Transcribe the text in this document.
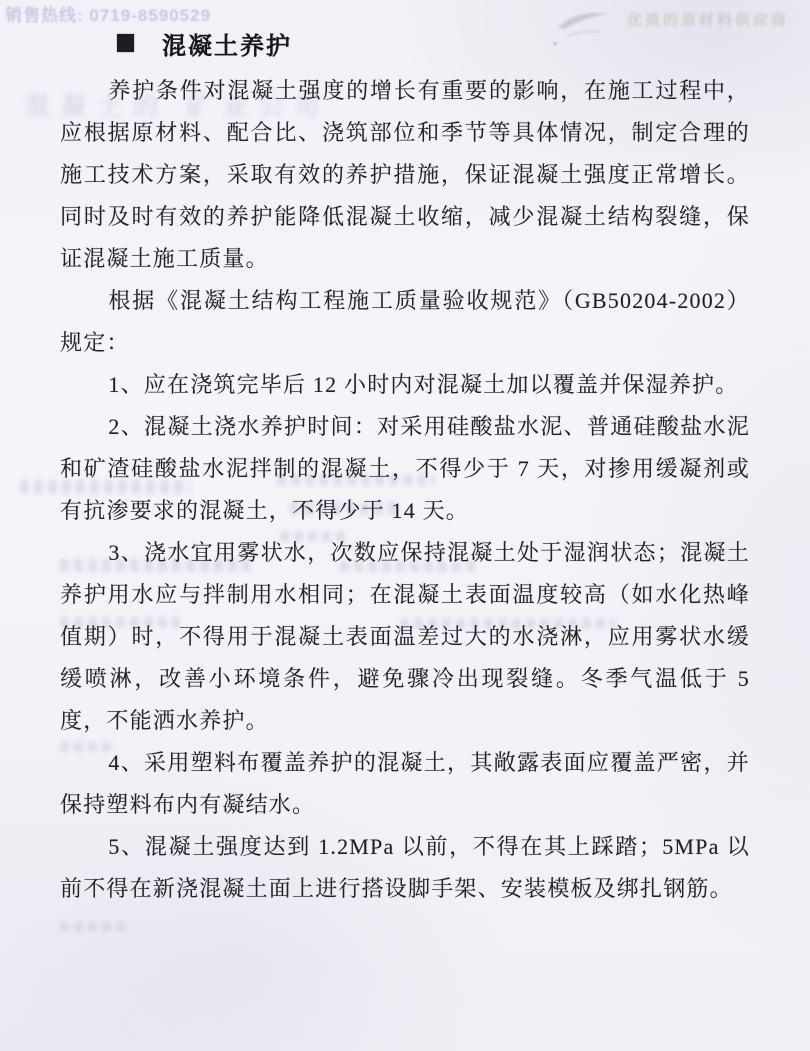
销售热线: 0719-8590529	优质的原材料供应商
混凝土的 矿业公司
混凝土养护

养护条件对混凝土强度的增长有重要的影响，在施工过程中，应根据原材料、配合比、浇筑部位和季节等具体情况，制定合理的施工技术方案，采取有效的养护措施，保证混凝土强度正常增长。同时及时有效的养护能降低混凝土收缩，减少混凝土结构裂缝，保证混凝土施工质量。

根据《混凝土结构工程施工质量验收规范》（GB50204-2002）规定：

1、应在浇筑完毕后 12 小时内对混凝土加以覆盖并保湿养护。

2、混凝土浇水养护时间：对采用硅酸盐水泥、普通硅酸盐水泥和矿渣硅酸盐水泥拌制的混凝土，不得少于 7 天，对掺用缓凝剂或有抗渗要求的混凝土，不得少于 14 天。

3、浇水宜用雾状水，次数应保持混凝土处于湿润状态；混凝土养护用水应与拌制用水相同；在混凝土表面温度较高（如水化热峰值期）时，不得用于混凝土表面温差过大的水浇淋，应用雾状水缓缓喷淋，改善小环境条件，避免骤冷出现裂缝。冬季气温低于 5 度，不能洒水养护。

4、采用塑料布覆盖养护的混凝土，其敞露表面应覆盖严密，并保持塑料布内有凝结水。

5、混凝土强度达到 1.2MPa 以前，不得在其上踩踏；5MPa 以前不得在新浇混凝土面上进行搭设脚手架、安装模板及绑扎钢筋。
